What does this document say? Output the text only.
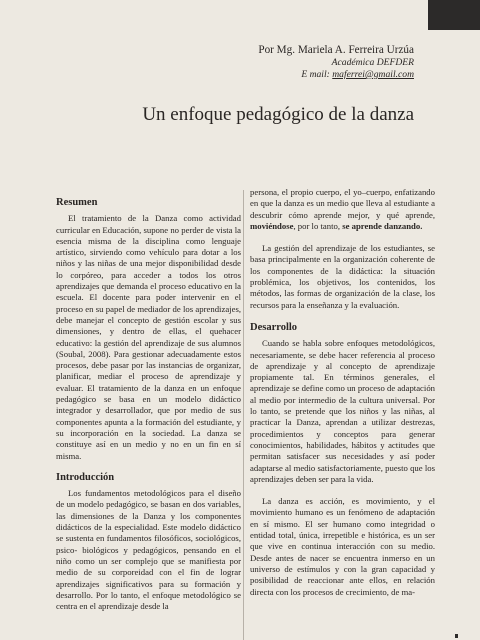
Por Mg. Mariela A. Ferreira Urzúa
Académica DEFDER
E mail: maferrei@gmail.com
Un enfoque pedagógico de la danza
Resumen

El tratamiento de la Danza como actividad curricular en Educación, supone no perder de vista la esencia misma de la disciplina como lenguaje artístico, sirviendo como vehículo para dotar a los niños y las niñas de una mejor disponibilidad desde lo corpóreo, para acceder a todos los otros aprendizajes que demanda el proceso educativo en la escuela. El docente para poder intervenir en el proceso en su papel de mediador de los aprendizajes, debe manejar el concepto de gestión escolar y sus dimensiones, y dentro de ellas, el quehacer educativo: la gestión del aprendizaje de sus alumnos (Soubal, 2008). Para gestionar adecuadamente estos procesos, debe pasar por las instancias de organizar, planificar, mediar el proceso de aprendizaje y evaluar. El tratamiento de la danza en un enfoque pedagógico se basa en un modelo didáctico integrador y desarrollador, que por medio de sus componentes apunta a la formación del estudiante, y su incorporación en la sociedad. La danza se constituye así en un medio y no en un fin en sí misma.

Introducción

Los fundamentos metodológicos para el diseño de un modelo pedagógico, se basan en dos variables, las dimensiones de la Danza y los componentes didácticos de la especialidad. Este modelo didáctico se sustenta en fundamentos filosóficos, sociológicos, psico- biológicos y pedagógicos, pensando en el niño como un ser complejo que se manifiesta por medio de su corporeidad con el fin de lograr aprendizajes significativos para su formación y desarrollo. Por lo tanto, el enfoque metodológico se centra en el aprendizaje desde la

persona, el propio cuerpo, el yo–cuerpo, enfatizando en que la danza es un medio que lleva al estudiante a descubrir cómo aprende mejor, y qué aprende, moviéndose, por lo tanto, se aprende danzando.

La gestión del aprendizaje de los estudiantes, se basa principalmente en la organización coherente de los componentes de la didáctica: la situación problémica, los objetivos, los contenidos, los métodos, las formas de organización de la clase, los recursos para la enseñanza y la evaluación.

Desarrollo

Cuando se habla sobre enfoques metodológicos, necesariamente, se debe hacer referencia al proceso de aprendizaje y al concepto de aprendizaje propiamente tal. En términos generales, el aprendizaje se define como un proceso de adaptación al medio por intermedio de la cultura universal. Por lo tanto, se pretende que los niños y las niñas, al practicar la Danza, aprendan a utilizar destrezas, procedimientos y conceptos para generar conocimientos, habilidades, hábitos y actitudes que permitan satisfacer sus necesidades y así poder adaptarse al medio satisfactoriamente, puesto que los aprendizajes deben ser para la vida.

La danza es acción, es movimiento, y el movimiento humano es un fenómeno de adaptación en sí mismo. El ser humano como integridad o entidad total, única, irrepetible e histórica, es un ser que vive en continua interacción con su medio. Desde antes de nacer se encuentra inmerso en un universo de estímulos y con la gran capacidad y posibilidad de reaccionar ante ellos, en relación directa con los procesos de crecimiento, de ma-
